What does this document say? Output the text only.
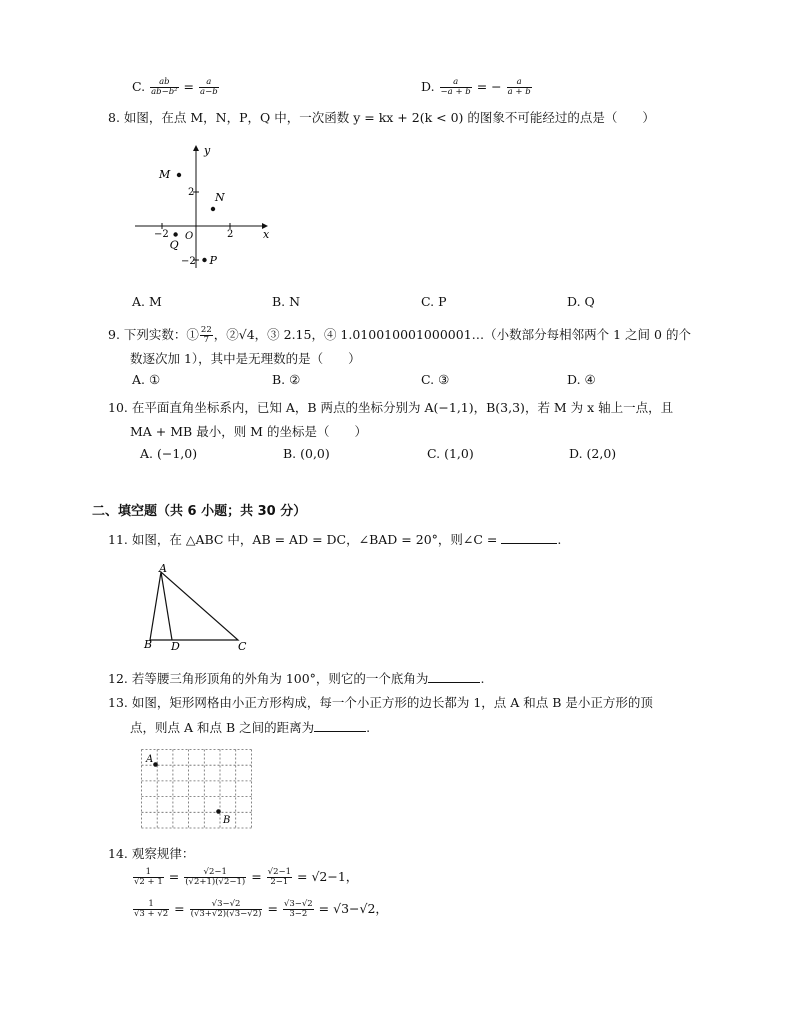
C. $\frac{ab}{\text{ab−b²}} = \frac{a}{a-b}$	D. $\frac{a}{-a + b}$ = − $\frac{a}{a + b}$
8. 如图，在点 M，N，P，Q 中，一次函数 y = kx + 2(k < 0) 的图象不可能经过的点是（　　）
y
x
O
−2	2
2
−2
M
N
P
Q
A. M	B. N	C. P	D. Q
9. 下列实数：① $\frac{22}{7}$ ，②√4，③ 2.15，④ 1.010010001000001…（小数部分每相邻两个 1 之间 0 的个
数逐次加 1），其中是无理数的是（　　）
A. ①	B. ②	C. ③	D. ④
10. 在平面直角坐标系内，已知 A，B 两点的坐标分别为 A(−1,1)，B(3,3)，若 M 为 x 轴上一点，且
MA + MB 最小，则 M 的坐标是（　　）
A. (−1,0)	B. (0,0)	C. (1,0)	D. (2,0)
二、填空题（共 6 小题；共 30 分）
11. 如图，在 △ABC 中，AB = AD = DC，∠BAD = 20°，则∠C =	.
A
B D	C
12. 若等腰三角形顶角的外角为 100°，则它的一个底角为	.
13. 如图，矩形网格由小正方形构成，每一个小正方形的边长都为 1，点 A 和点 B 是小正方形的顶
点，则点 A 和点 B 之间的距离为	.
A
B
14. 观察规律：
$\frac{1}{√2 + 1} = \frac{√2-1}{(√2+1)(√2-1)} = \frac{√2-1}{2-1} = √2-1$，
$\frac{1}{√3 + √2} = \frac{√3-√2}{(√3+√2)(√3-√2)} = \frac{√3-√2}{3-2} = √3-√2$，
